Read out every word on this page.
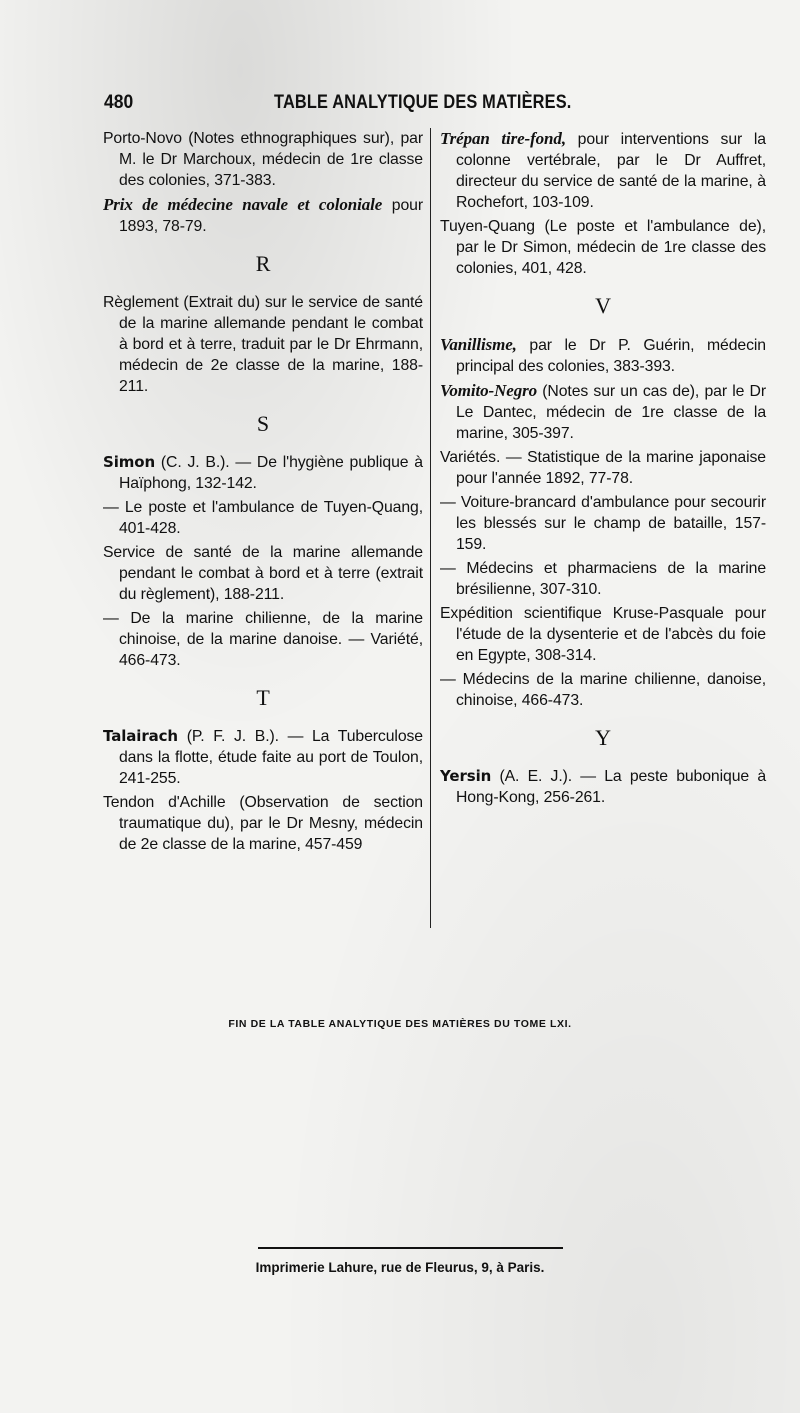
480	TABLE ANALYTIQUE DES MATIÈRES.

Porto-Novo (Notes ethnographiques sur), par M. le Dr Marchoux, médecin de 1re classe des colonies, 371-383.

Prix de médecine navale et coloniale pour 1893, 78-79.

R

Règlement (Extrait du) sur le service de santé de la marine allemande pendant le combat à bord et à terre, traduit par le Dr Ehrmann, médecin de 2e classe de la marine, 188-211.

S

Simon (C. J. B.). — De l'hygiène publique à Haïphong, 132-142.

— Le poste et l'ambulance de Tuyen-Quang, 401-428.

Service de santé de la marine allemande pendant le combat à bord et à terre (extrait du règlement), 188-211.

— De la marine chilienne, de la marine chinoise, de la marine danoise. — Variété, 466-473.

T

Talairach (P. F. J. B.). — La Tuberculose dans la flotte, étude faite au port de Toulon, 241-255.

Tendon d'Achille (Observation de section traumatique du), par le Dr Mesny, médecin de 2e classe de la marine, 457-459

Trépan tire-fond, pour interventions sur la colonne vertébrale, par le Dr Auffret, directeur du service de santé de la marine, à Rochefort, 103-109.

Tuyen-Quang (Le poste et l'ambulance de), par le Dr Simon, médecin de 1re classe des colonies, 401, 428.

V

Vanillisme, par le Dr P. Guérin, médecin principal des colonies, 383-393.

Vomito-Negro (Notes sur un cas de), par le Dr Le Dantec, médecin de 1re classe de la marine, 305-397.

Variétés. — Statistique de la marine japonaise pour l'année 1892, 77-78.

— Voiture-brancard d'ambulance pour secourir les blessés sur le champ de bataille, 157-159.

— Médecins et pharmaciens de la marine brésilienne, 307-310.

Expédition scientifique Kruse-Pasquale pour l'étude de la dysenterie et de l'abcès du foie en Egypte, 308-314.

— Médecins de la marine chilienne, danoise, chinoise, 466-473.

Y

Yersin (A. E. J.). — La peste bubonique à Hong-Kong, 256-261.

FIN DE LA TABLE ANALYTIQUE DES MATIÈRES DU TOME LXI.
Imprimerie Lahure, rue de Fleurus, 9, à Paris.
